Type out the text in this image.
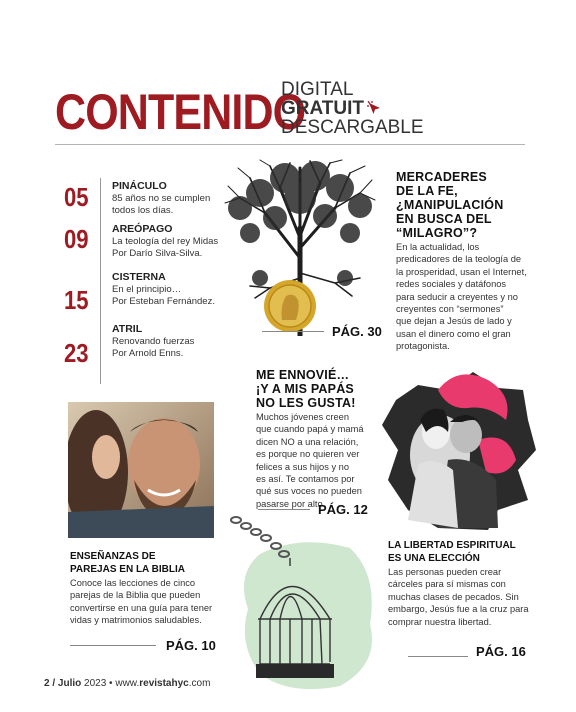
CONTENIDO
DIGITAL
GRATUIT
DESCARGABLE
05 PINÁCULO
85 años no se cumplen
todos los días.
09 AREÓPAGO
La teología del rey Midas
Por Darío Silva-Silva.
15
CISTERNA
En el principio…
Por Esteban Fernández.
23
ATRIL
Renovando fuerzas
Por Arnold Enns.
PÁG. 30
MERCADERES
DE LA FE,
¿MANIPULACIÓN
EN BUSCA DEL
“MILAGRO”?
En la actualidad, los
predicadores de la teología de
la prosperidad, usan el Internet,
redes sociales y datáfonos
para seducir a creyentes y no
creyentes con “sermones”
que dejan a Jesús de lado y
usan el dinero como el gran
protagonista.
ME ENNOVIÉ…
¡Y A MIS PAPÁS
NO LES GUSTA!
Muchos jóvenes creen
que cuando papá y mamá
dicen NO a una relación,
es porque no quieren ver
felices a sus hijos y no
es así. Te contamos por
qué sus voces no pueden
pasarse por alto.
PÁG. 12
ENSEÑANZAS DE
PAREJAS EN LA BIBLIA
Conoce las lecciones de cinco
parejas de la Biblia que pueden
convertirse en una guía para tener
vidas y matrimonios saludables.
PÁG. 10
LA LIBERTAD ESPIRITUAL
ES UNA ELECCIÓN
Las personas pueden crear
cárceles para sí mismas con
muchas clases de pecados. Sin
embargo, Jesús fue a la cruz para
comprar nuestra libertad.
PÁG. 16
2 / Julio 2023 • www.revistahyc.com
